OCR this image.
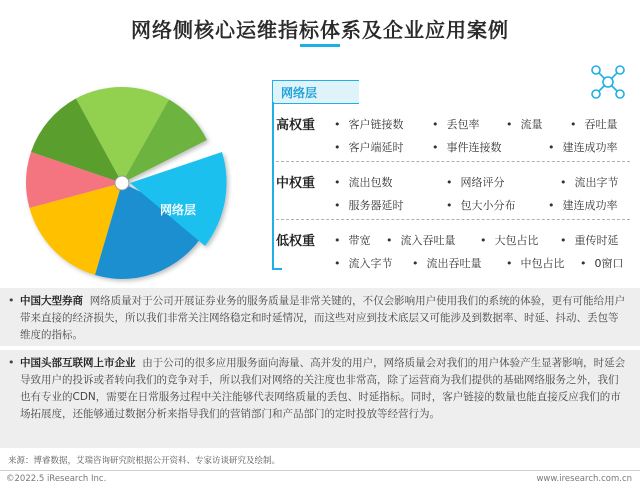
网络侧核心运维指标体系及企业应用案例
网络层
网络层
高权重	• 客户链接数	• 丢包率	• 流量	• 吞吐量
• 客户端延时	• 事件连接数	• 建连成功率
中权重	• 流出包数	• 网络评分	• 流出字节
• 服务器延时	• 包大小分布	• 建连成功率
低权重	• 带宽	• 流入吞吐量	• 大包占比	• 重传时延
• 流入字节	• 流出吞吐量	• 中包占比	• 0窗口
• 中国大型券商 网络质量对于公司开展证券业务的服务质量是非常关键的，不仅会影响用户使用我们的系统的体验，更有可能给用户带来直接的经济损失，所以我们非常关注网络稳定和时延情况，而这些对应到技术底层又可能涉及到数据率、时延、抖动、丢包等维度的指标。
• 中国头部互联网上市企业 由于公司的很多应用服务面向海量、高并发的用户，网络质量会对我们的用户体验产生显著影响，时延会导致用户的投诉或者转向我们的竞争对手，所以我们对网络的关注度也非常高，除了运营商为我们提供的基础网络服务之外，我们也有专业的CDN，需要在日常服务过程中关注能够代表网络质量的丢包、时延指标。同时，客户链接的数量也能直接反应我们的市场拓展度，还能够通过数据分析来指导我们的营销部门和产品部门的定时投放等经营行为。
来源：博睿数据，艾瑞咨询研究院根据公开资料、专家访谈研究及绘制。
©2022.5 iResearch Inc.	www.iresearch.com.cn
